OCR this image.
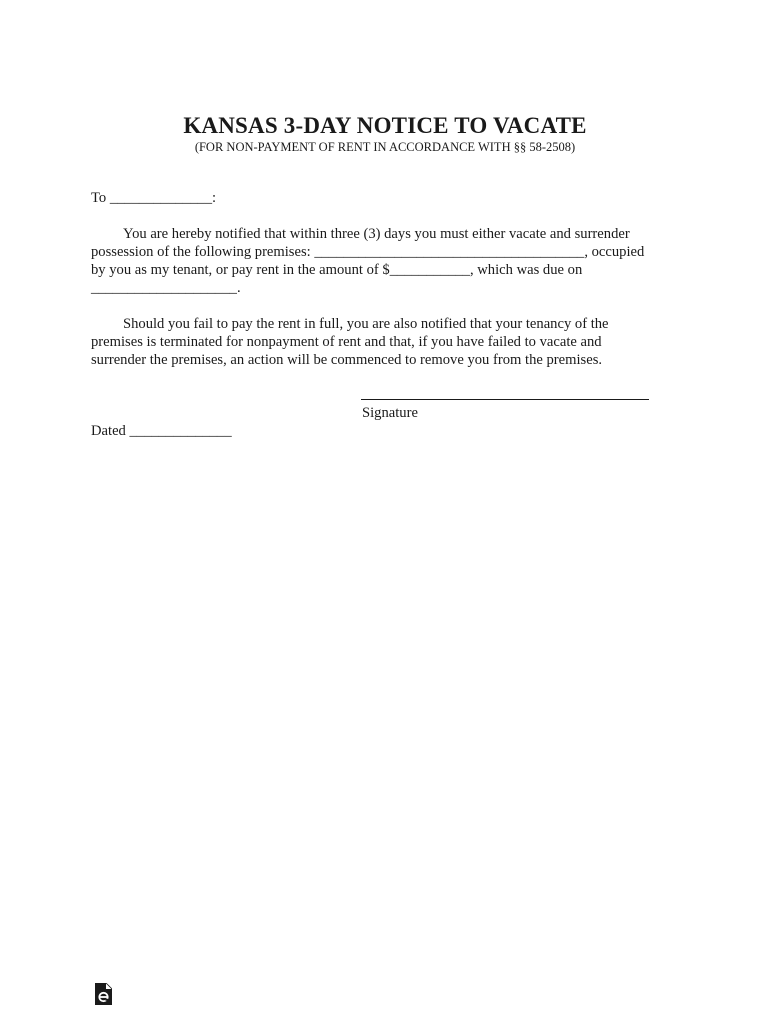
KANSAS 3-DAY NOTICE TO VACATE
(FOR NON-PAYMENT OF RENT IN ACCORDANCE WITH §§ 58-2508)
To ______________:
You are hereby notified that within three (3) days you must either vacate and surrender
possession of the following premises: _____________________________________, occupied
by you as my tenant, or pay rent in the amount of $___________, which was due on
____________________.
Should you fail to pay the rent in full, you are also notified that your tenancy of the
premises is terminated for nonpayment of rent and that, if you have failed to vacate and
surrender the premises, an action will be commenced to remove you from the premises.
Signature
Dated ______________
